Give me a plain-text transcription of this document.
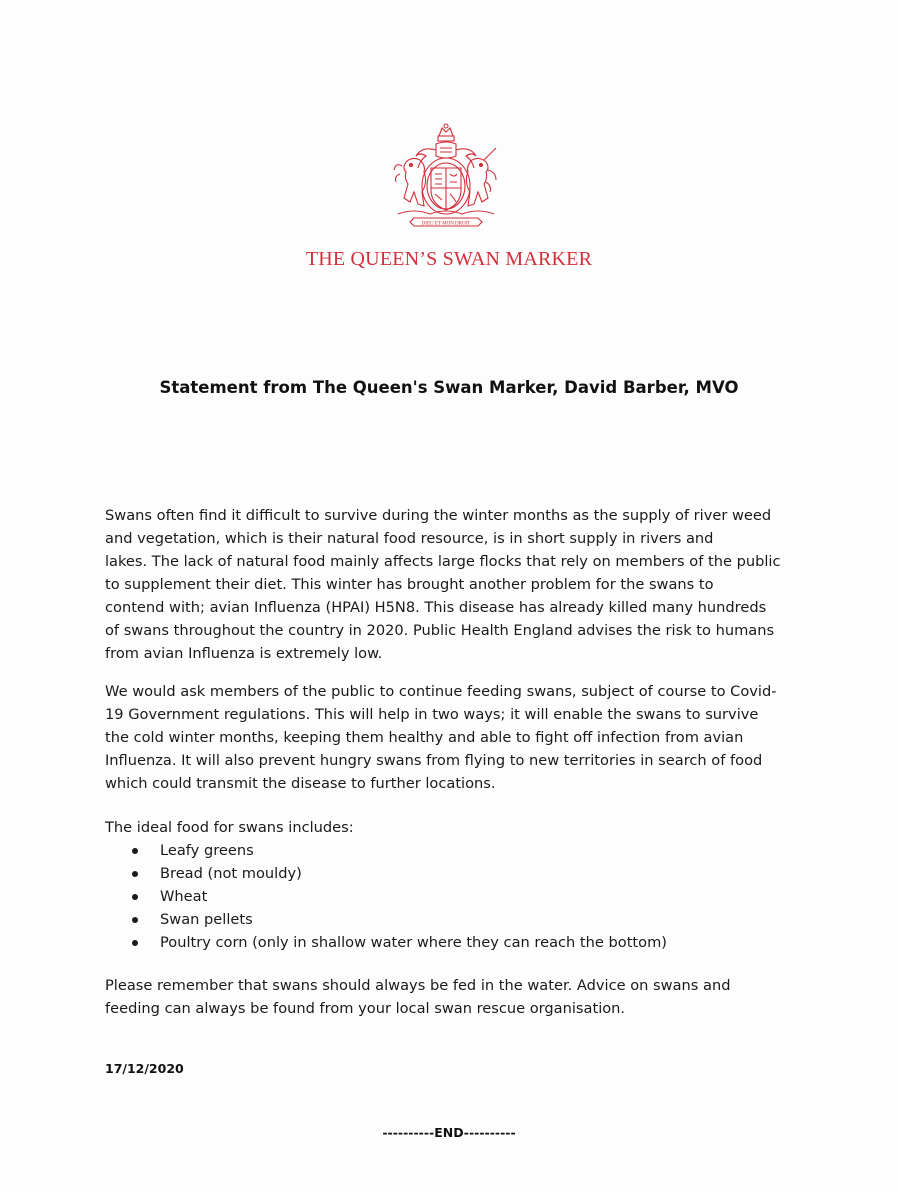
DIEU ET MON DROIT
THE QUEEN’S SWAN MARKER
Statement from The Queen's Swan Marker, David Barber, MVO
Swans often find it difficult to survive during the winter months as the supply of river weed
and vegetation, which is their natural food resource, is in short supply in rivers and
lakes. The lack of natural food mainly affects large flocks that rely on members of the public
to supplement their diet. This winter has brought another problem for the swans to
contend with; avian Influenza (HPAI) H5N8. This disease has already killed many hundreds
of swans throughout the country in 2020. Public Health England advises the risk to humans
from avian Influenza is extremely low.
We would ask members of the public to continue feeding swans, subject of course to Covid-
19 Government regulations. This will help in two ways; it will enable the swans to survive
the cold winter months, keeping them healthy and able to fight off infection from avian
Influenza. It will also prevent hungry swans from flying to new territories in search of food
which could transmit the disease to further locations.
The ideal food for swans includes:
Leafy greens
Bread (not mouldy)
Wheat
Swan pellets
Poultry corn (only in shallow water where they can reach the bottom)
Please remember that swans should always be fed in the water. Advice on swans and
feeding can always be found from your local swan rescue organisation.
17/12/2020
----------END----------
